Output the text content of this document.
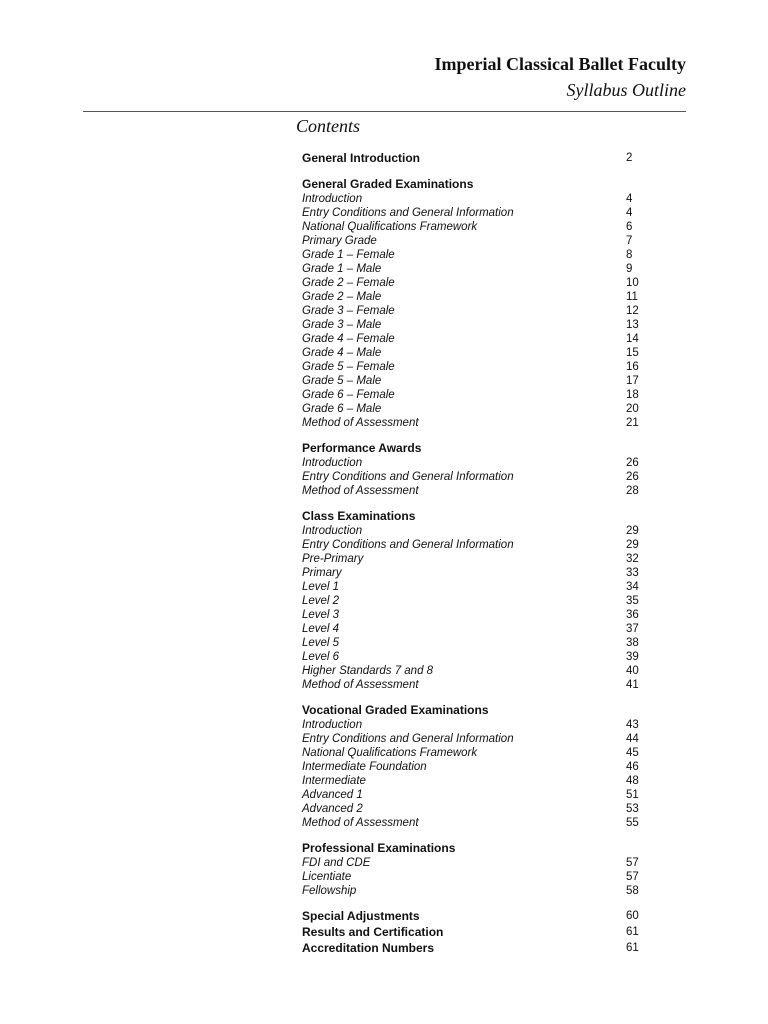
Imperial Classical Ballet Faculty
Syllabus Outline
Contents
General Introduction	2
General Graded Examinations
Introduction	4
Entry Conditions and General Information	4
National Qualifications Framework	6
Primary Grade	7
Grade 1 – Female	8
Grade 1 – Male	9
Grade 2 – Female	10
Grade 2 – Male	11
Grade 3 – Female	12
Grade 3 – Male	13
Grade 4 – Female	14
Grade 4 – Male	15
Grade 5 – Female	16
Grade 5 – Male	17
Grade 6 – Female	18
Grade 6 – Male	20
Method of Assessment	21
Performance Awards
Introduction	26
Entry Conditions and General Information	26
Method of Assessment	28
Class Examinations
Introduction	29
Entry Conditions and General Information	29
Pre-Primary	32
Primary	33
Level 1	34
Level 2	35
Level 3	36
Level 4	37
Level 5	38
Level 6	39
Higher Standards 7 and 8	40
Method of Assessment	41
Vocational Graded Examinations
Introduction	43
Entry Conditions and General Information	44
National Qualifications Framework	45
Intermediate Foundation	46
Intermediate	48
Advanced 1	51
Advanced 2	53
Method of Assessment	55
Professional Examinations
FDI and CDE	57
Licentiate	57
Fellowship	58
Special Adjustments	60
Results and Certification	61
Accreditation Numbers	61
